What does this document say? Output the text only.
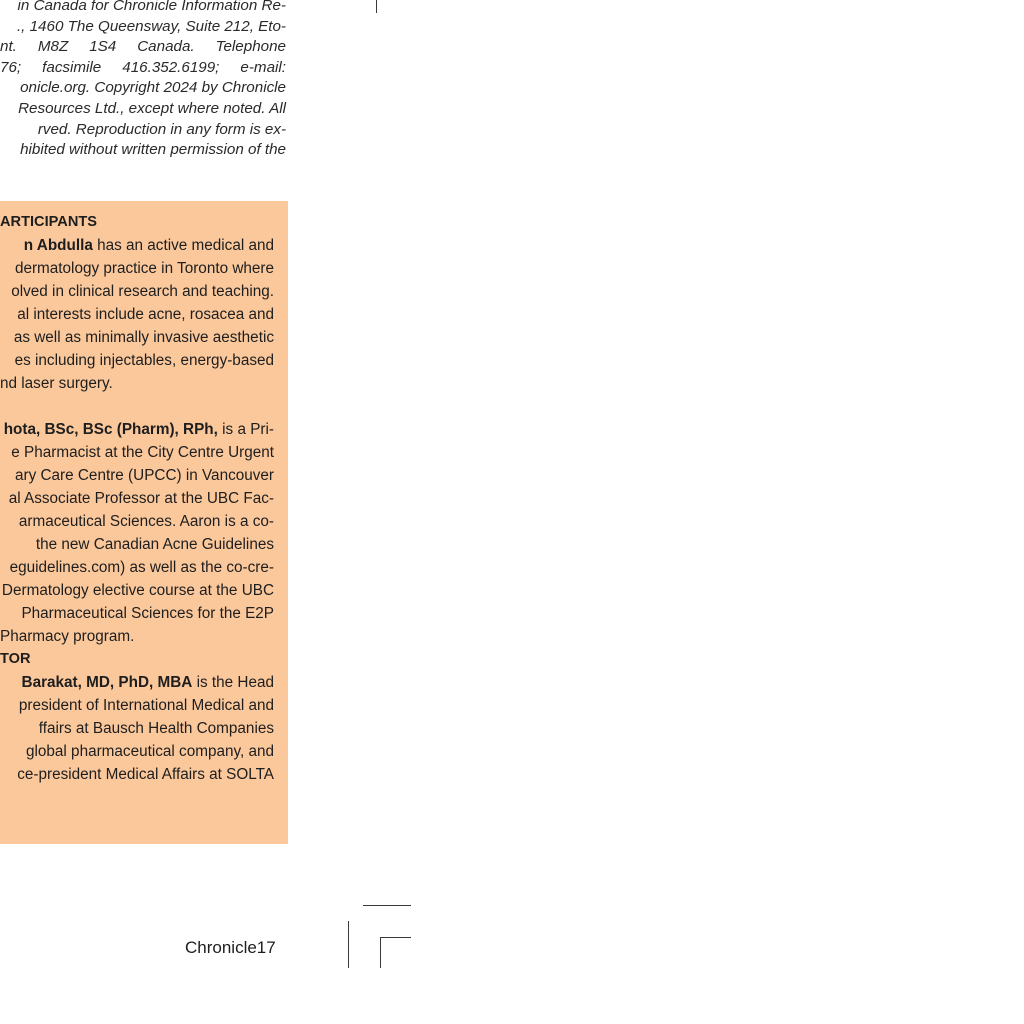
in Canada for Chronicle Information Re-
., 1460 The Queensway, Suite 212, Eto-
nt. M8Z 1S4 Canada. Telephone
76; facsimile 416.352.6199; e-mail:
onicle.org. Copyright 2024 by Chronicle
Resources Ltd., except where noted. All
rved. Reproduction in any form is ex-
hibited without written permission of the
ARTICIPANTS
n Abdulla has an active medical and
dermatology practice in Toronto where
olved in clinical research and teaching.
al interests include acne, rosacea and
as well as minimally invasive aesthetic
es including injectables, energy-based
nd laser surgery.
hota, BSc, BSc (Pharm), RPh, is a Pri-
e Pharmacist at the City Centre Urgent
ary Care Centre (UPCC) in Vancouver
al Associate Professor at the UBC Fac-
armaceutical Sciences. Aaron is a co-
the new Canadian Acne Guidelines
eguidelines.com) as well as the co-cre-
Dermatology elective course at the UBC
Pharmaceutical Sciences for the E2P
Pharmacy program.
TOR
Barakat, MD, PhD, MBA is the Head
president of International Medical and
ffairs at Bausch Health Companies
global pharmaceutical company, and
ce-president Medical Affairs at SOLTA
Chronicle17
